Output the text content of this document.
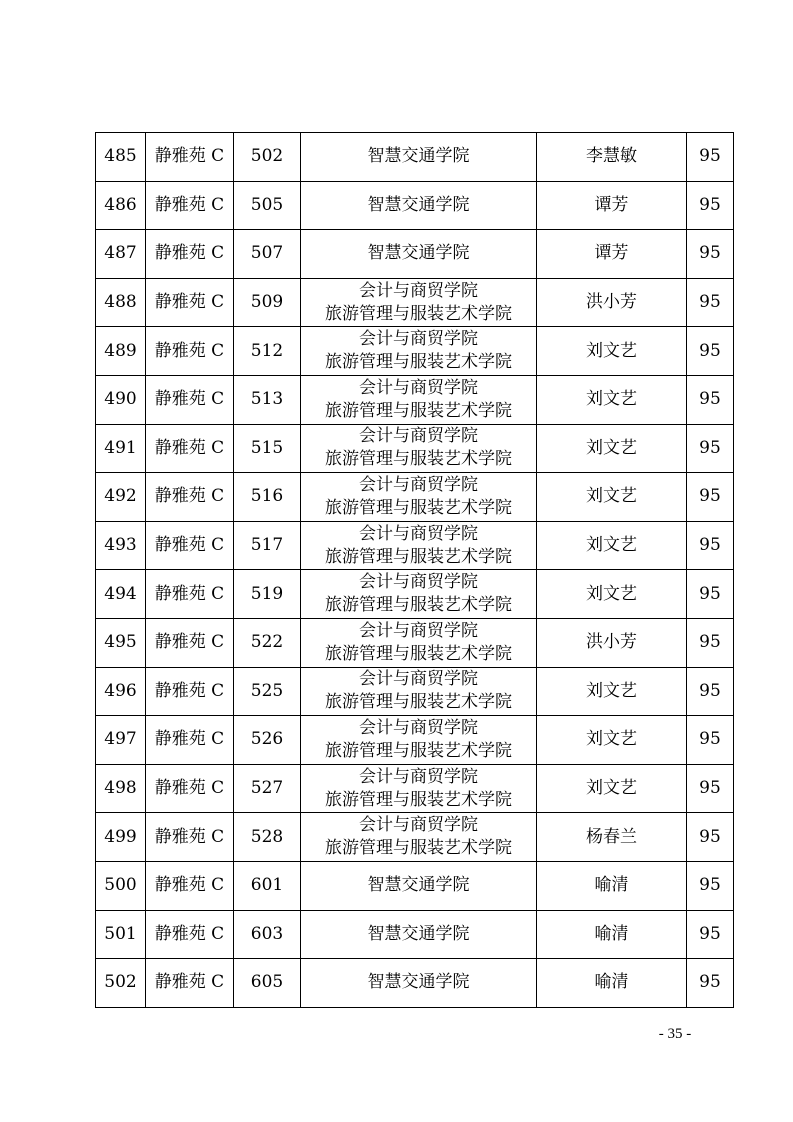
485	静雅苑 C	502	智慧交通学院	李慧敏	95
486	静雅苑 C	505	智慧交通学院	谭芳	95
487	静雅苑 C	507	智慧交通学院	谭芳	95
488	静雅苑 C	509	会计与商贸学院
旅游管理与服装艺术学院	洪小芳	95
489	静雅苑 C	512	会计与商贸学院
旅游管理与服装艺术学院	刘文艺	95
490	静雅苑 C	513	会计与商贸学院
旅游管理与服装艺术学院	刘文艺	95
491	静雅苑 C	515	会计与商贸学院
旅游管理与服装艺术学院	刘文艺	95
492	静雅苑 C	516	会计与商贸学院
旅游管理与服装艺术学院	刘文艺	95
493	静雅苑 C	517	会计与商贸学院
旅游管理与服装艺术学院	刘文艺	95
494	静雅苑 C	519	会计与商贸学院
旅游管理与服装艺术学院	刘文艺	95
495	静雅苑 C	522	会计与商贸学院
旅游管理与服装艺术学院	洪小芳	95
496	静雅苑 C	525	会计与商贸学院
旅游管理与服装艺术学院	刘文艺	95
497	静雅苑 C	526	会计与商贸学院
旅游管理与服装艺术学院	刘文艺	95
498	静雅苑 C	527	会计与商贸学院
旅游管理与服装艺术学院	刘文艺	95
499	静雅苑 C	528	会计与商贸学院
旅游管理与服装艺术学院	杨春兰	95
500	静雅苑 C	601	智慧交通学院	喻清	95
501	静雅苑 C	603	智慧交通学院	喻清	95
502	静雅苑 C	605	智慧交通学院	喻清	95
- 35 -
